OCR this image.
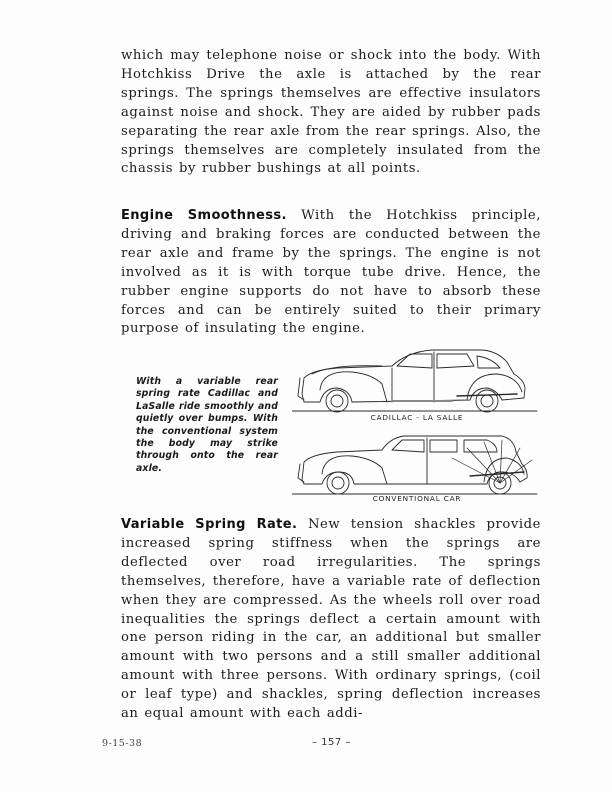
which may telephone noise or shock into the body. With Hotchkiss Drive the axle is attached by the rear springs. The springs themselves are effective insulators against noise and shock. They are aided by rubber pads separating the rear axle from the rear springs. Also, the springs themselves are completely insulated from the chassis by rubber bushings at all points.

Engine Smoothness. With the Hotchkiss principle, driving and braking forces are conducted between the rear axle and frame by the springs. The engine is not involved as it is with torque tube drive. Hence, the rubber engine supports do not have to absorb these forces and can be entirely suited to their primary purpose of insulating the engine.

With a variable rear spring rate Cadillac and LaSalle ride smoothly and quietly over bumps. With the conventional system the body may strike through onto the rear axle.

CADILLAC - LA SALLE
CONVENTIONAL CAR

Variable Spring Rate. New tension shackles provide increased spring stiffness when the springs are deflected over road irregularities. The springs themselves, therefore, have a variable rate of deflection when they are compressed. As the wheels roll over road inequalities the springs deflect a certain amount with one person riding in the car, an additional but smaller amount with two persons and a still smaller additional amount with three persons. With ordinary springs, (coil or leaf type) and shackles, spring deflection increases an equal amount with each addi-

9-15-38	– 157 –
